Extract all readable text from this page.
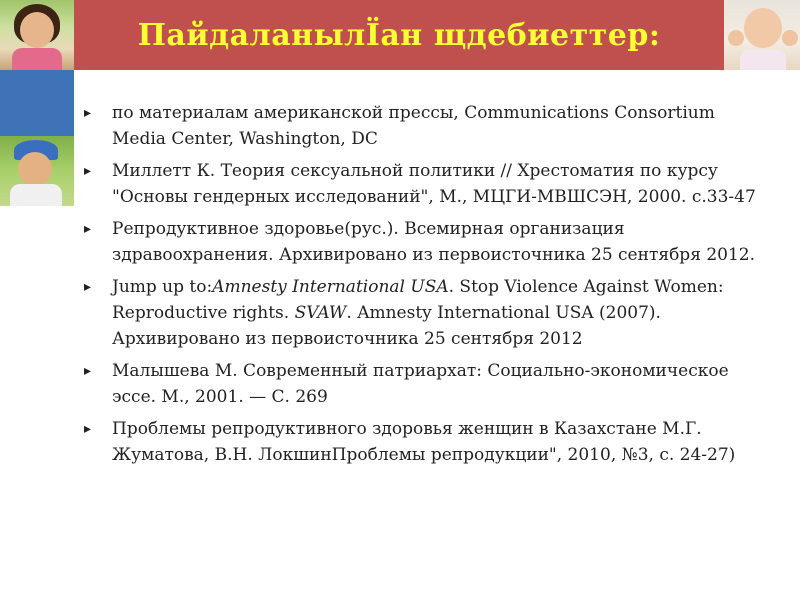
ПайдаланылЇан щдебиеттер:
▸ по материалам американской прессы, Communications Consortium Media Center, Washington, DC
▸ Миллетт К. Теория сексуальной политики // Хрестоматия по курсу "Основы гендерных исследований", М., МЦГИ-МВШСЭН, 2000. с.33-47
▸ Репродуктивное здоровье(рус.). Всемирная организация здравоохранения. Архивировано из первоисточника 25 сентября 2012.
▸ Jump up to:Amnesty International USA. Stop Violence Against Women: Reproductive rights. SVAW. Amnesty International USA (2007). Архивировано из первоисточника 25 сентября 2012
▸ Малышева М. Современный патриархат: Социально-экономическое эссе. М., 2001. — С. 269
▸ Проблемы репродуктивного здоровья женщин в Казахстане М.Г. Жуматова, В.Н. ЛокшинПроблемы репродукции", 2010, №3, с. 24-27)
